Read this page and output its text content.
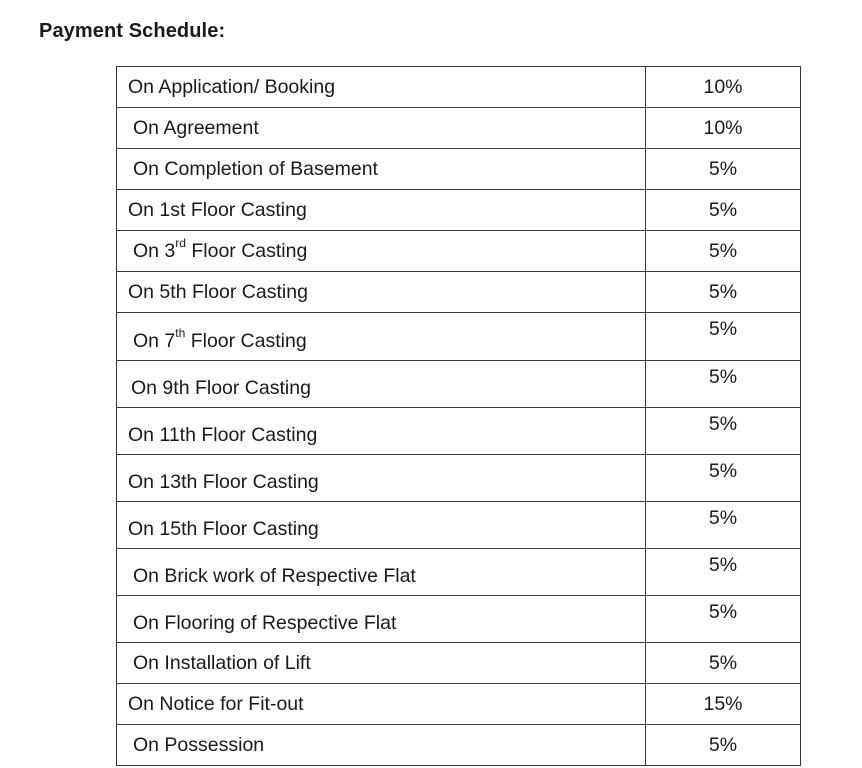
Payment Schedule:
On Application/ Booking	10%
On Agreement	10%
On Completion of Basement	5%
On 1st Floor Casting	5%
On 3rd Floor Casting	5%
On 5th Floor Casting	5%
On 7th Floor Casting	5%
On 9th Floor Casting	5%
On 11th Floor Casting	5%
On 13th Floor Casting	5%
On 15th Floor Casting	5%
On Brick work of Respective Flat	5%
On Flooring of Respective Flat	5%
On Installation of Lift	5%
On Notice for Fit-out	15%
On Possession	5%
